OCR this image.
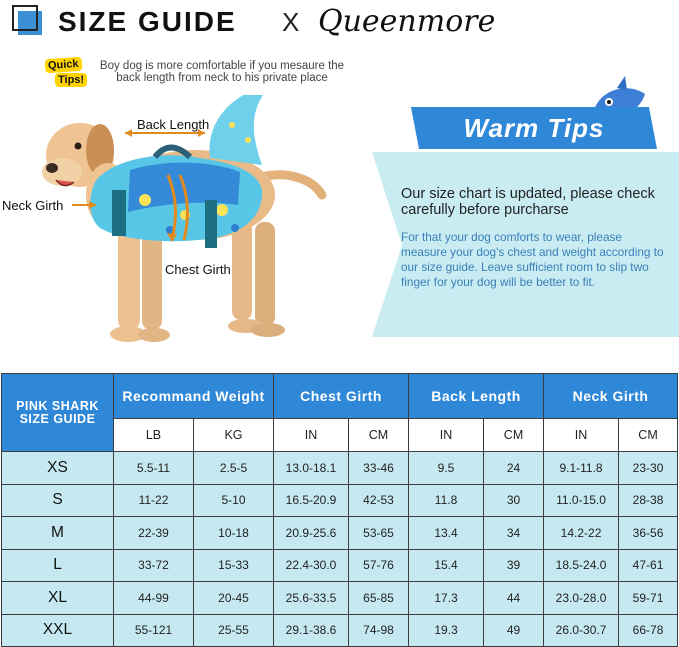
SIZE GUIDE X Queenmore
Quick
Tips!
Boy dog is more comfortable if you mesaure the back length from neck to his private place
Back Length
Neck Girth
Chest Girth
Warm Tips
Our size chart is updated, please check carefully before purcharse
For that your dog comforts to wear, please measure your dog's chest and weight according to our size guide. Leave sufficient room to slip two finger for your dog will be better to fit.
PINK SHARK SIZE GUIDE	Recommand Weight		Chest Girth		Back Length		Neck Girth	
	LB	KG	IN	CM	IN	CM	IN	CM
XS	5.5-11	2.5-5	13.0-18.1	33-46	9.5	24	9.1-11.8	23-30
S	11-22	5-10	16.5-20.9	42-53	11.8	30	11.0-15.0	28-38
M	22-39	10-18	20.9-25.6	53-65	13.4	34	14.2-22	36-56
L	33-72	15-33	22.4-30.0	57-76	15.4	39	18.5-24.0	47-61
XL	44-99	20-45	25.6-33.5	65-85	17.3	44	23.0-28.0	59-71
XXL	55-121	25-55	29.1-38.6	74-98	19.3	49	26.0-30.7	66-78
